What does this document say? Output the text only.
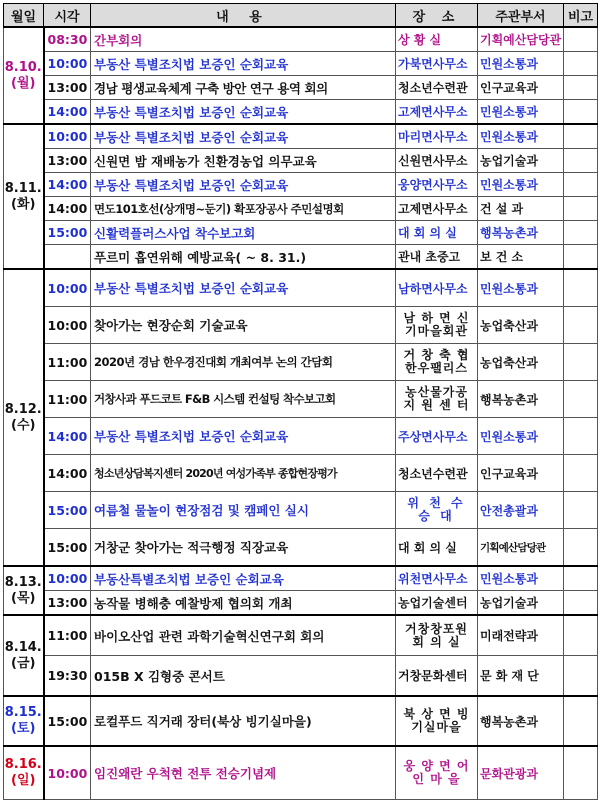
월일	시각	내 용	장 소	주관부서	비고
8.10.
(월)	08:30	간부회의	상 황 실	기획예산담당관	
	10:00	부동산 특별조치법 보증인 순회교육	가북면사무소	민원소통과	
	13:00	경남 평생교육체계 구축 방안 연구 용역 회의	청소년수련관	인구교육과	
	14:00	부동산 특별조치법 보증인 순회교육	고제면사무소	민원소통과	
8.11.
(화)	10:00	부동산 특별조치법 보증인 순회교육	마리면사무소	민원소통과	
	13:00	신원면 밤 재배농가 친환경농업 의무교육	신원면사무소	농업기술과	
	14:00	부동산 특별조치법 보증인 순회교육	웅양면사무소	민원소통과	
	14:00	면도101호선(상개명~둔기) 확포장공사 주민설명회	고제면사무소	건 설 과	
	15:00	신활력플러스사업 착수보고회	대 회 의 실	행복농촌과	
		푸르미 흡연위해 예방교육( ~ 8. 31.)	관내 초중고	보 건 소	
8.12.
(수)	10:00	부동산 특별조치법 보증인 순회교육	남하면사무소	민원소통과	
	10:00	찾아가는 현장순회 기술교육	남 하 면 신기마을회관	농업축산과	
	11:00	2020년 경남 한우경진대회 개최여부 논의 간담회	거 창 축 협 한우팰리스	농업축산과	
	11:00	거창사과 푸드코트 F&B 시스템 컨설팅 착수보고회	농산물가공 지 원 센 터	행복농촌과	
	14:00	부동산 특별조치법 보증인 순회교육	주상면사무소	민원소통과	
	14:00	청소년상담복지센터 2020년 여성가족부 종합현장평가	청소년수련관	인구교육과	
	15:00	여름철 물놀이 현장점검 및 캠페인 실시	위 천 수 승 대	안전총괄과	
	15:00	거창군 찾아가는 적극행정 직장교육	대 회 의 실	기획예산담당관	
8.13.
(목)	10:00	부동산특별조치법 보증인 순회교육	위천면사무소	민원소통과	
	13:00	농작물 병해충 예찰방제 협의회 개최	농업기술센터	농업기술과	
8.14.
(금)	11:00	바이오산업 관련 과학기술혁신연구회 회의	거창창포원 회 의 실	미래전략과	
	19:30	015B X 김형중 콘서트	거창문화센터	문 화 재 단	
8.15.
(토)	15:00	로컬푸드 직거래 장터(북상 빙기실마을)	북 상 면 빙기실마을	행복농촌과	
8.16.
(일)	10:00	임진왜란 우척현 전투 전승기념제	웅 양 면 어 인 마 을	문화관광과	
